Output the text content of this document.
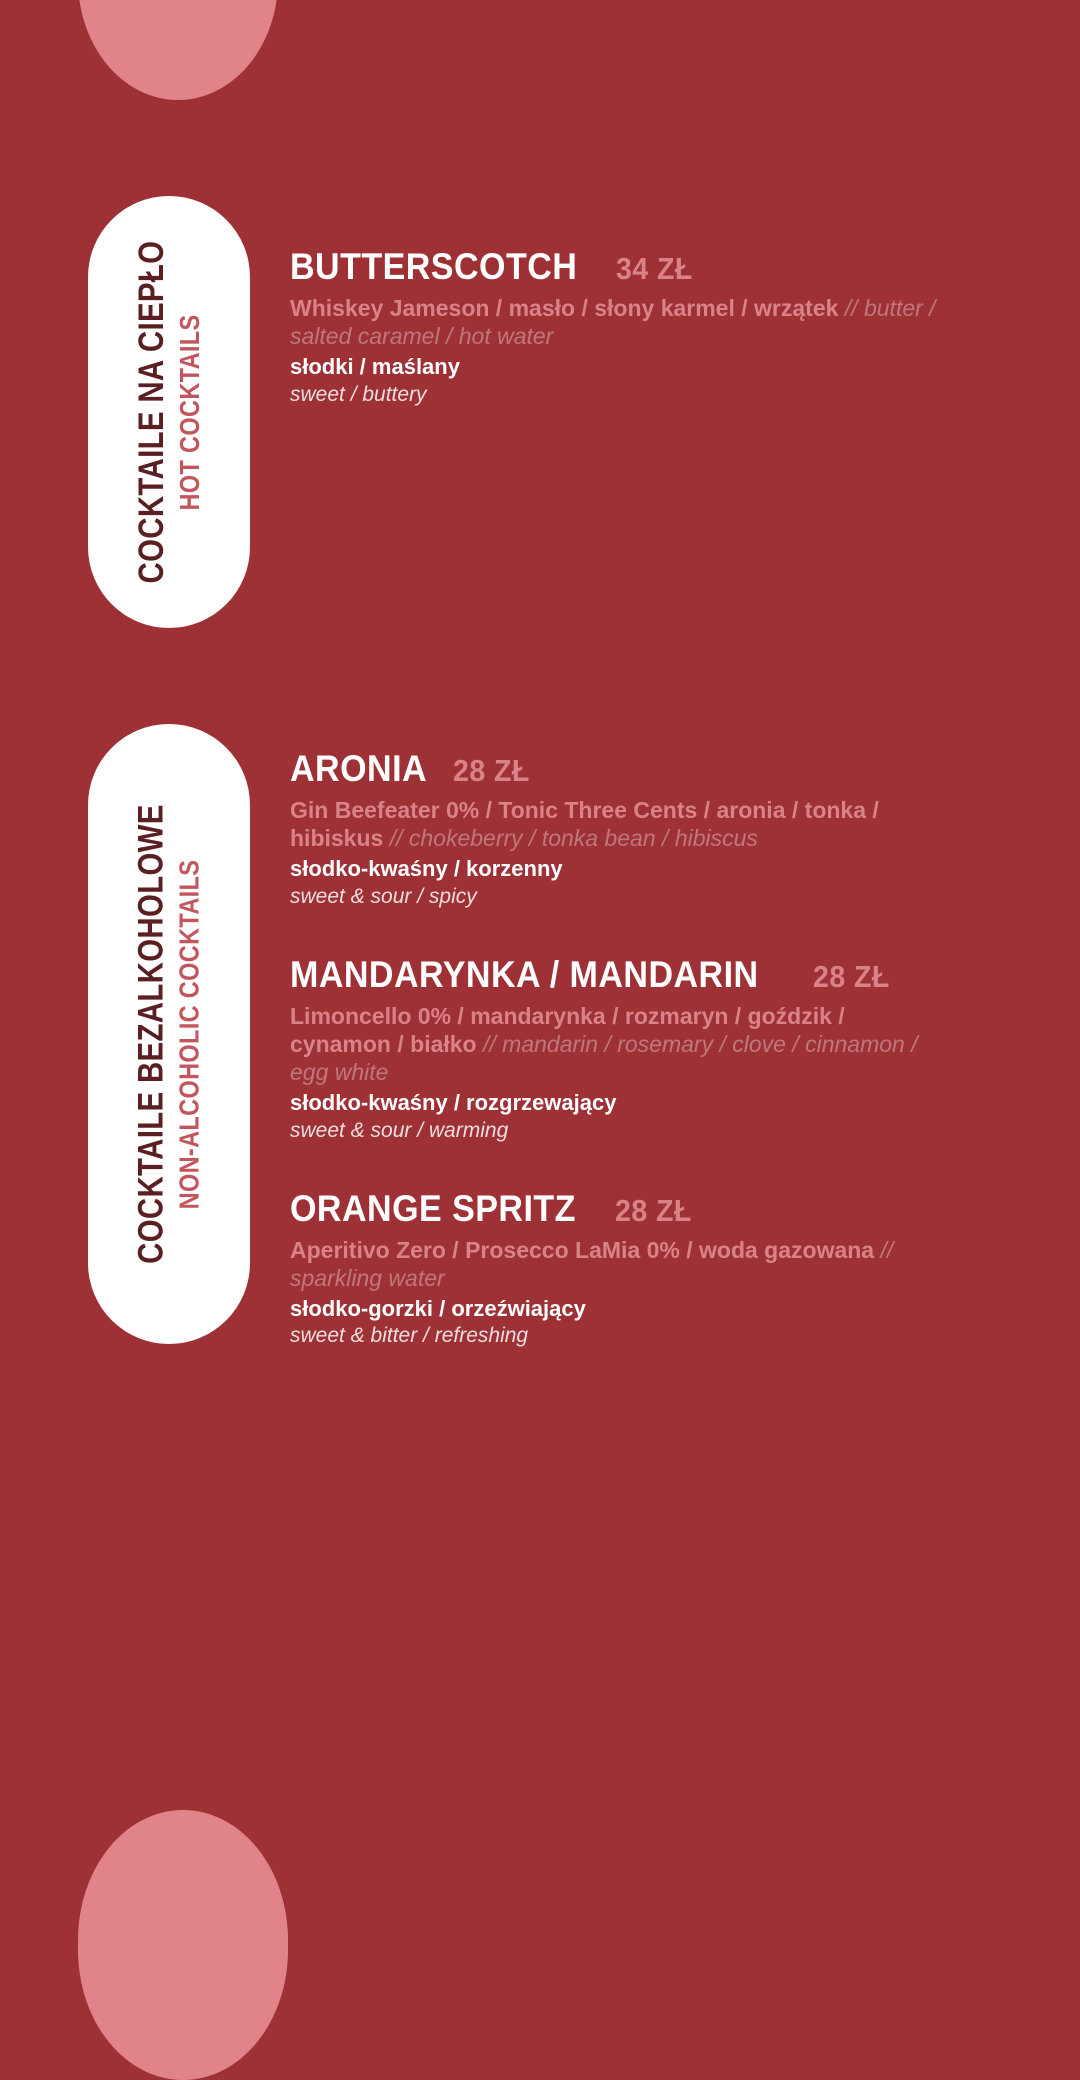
COCKTAILE NA CIEPŁO HOT COCKTAILS
COCKTAILE BEZALKOHOLOWE NON-ALCOHOLIC COCKTAILS
BUTTERSCOTCH 34 ZŁ
Whiskey Jameson / masło / słony karmel / wrzątek // butter / salted caramel / hot water
słodki / maślany
sweet / buttery
ARONIA 28 ZŁ
Gin Beefeater 0% / Tonic Three Cents / aronia / tonka / hibiskus // chokeberry / tonka bean / hibiscus
słodko-kwaśny / korzenny
sweet & sour / spicy
MANDARYNKA / MANDARIN 28 ZŁ
Limoncello 0% / mandarynka / rozmaryn / goździk / cynamon / białko // mandarin / rosemary / clove / cinnamon / egg white
słodko-kwaśny / rozgrzewający
sweet & sour / warming
ORANGE SPRITZ 28 ZŁ
Aperitivo Zero / Prosecco LaMia 0% / woda gazowana // sparkling water
słodko-gorzki / orzeźwiający
sweet & bitter / refreshing
